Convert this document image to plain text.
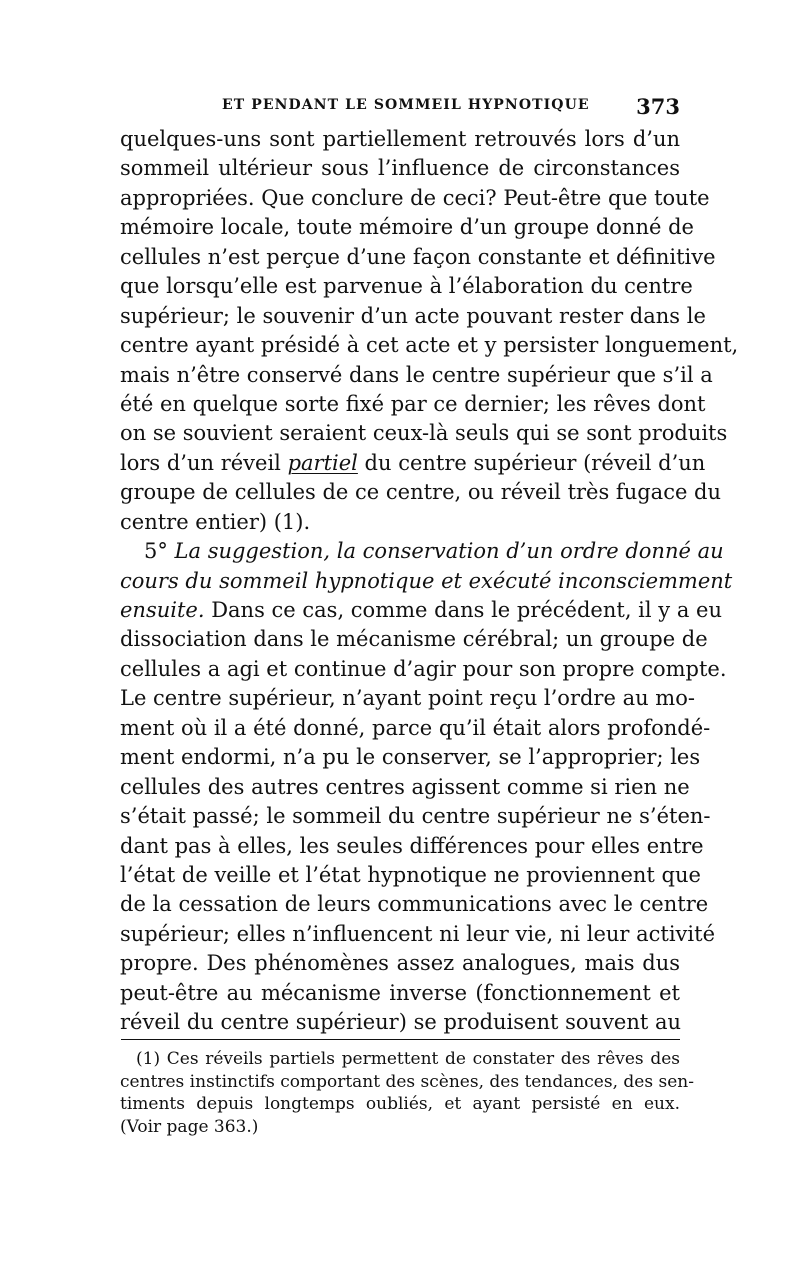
ET PENDANT LE SOMMEIL HYPNOTIQUE 373
quelques-uns sont partiellement retrouvés lors d’un
sommeil ultérieur sous l’influence de circonstances
appropriées. Que conclure de ceci? Peut-être que toute
mémoire locale, toute mémoire d’un groupe donné de
cellules n’est perçue d’une façon constante et définitive
que lorsqu’elle est parvenue à l’élaboration du centre
supérieur; le souvenir d’un acte pouvant rester dans le
centre ayant présidé à cet acte et y persister longuement,
mais n’être conservé dans le centre supérieur que s’il a
été en quelque sorte fixé par ce dernier; les rêves dont
on se souvient seraient ceux-là seuls qui se sont produits
lors d’un réveil partiel du centre supérieur (réveil d’un
groupe de cellules de ce centre, ou réveil très fugace du
centre entier) (1).
5° La suggestion, la conservation d’un ordre donné au
cours du sommeil hypnotique et exécuté inconsciemment
ensuite. Dans ce cas, comme dans le précédent, il y a eu
dissociation dans le mécanisme cérébral; un groupe de
cellules a agi et continue d’agir pour son propre compte.
Le centre supérieur, n’ayant point reçu l’ordre au mo-
ment où il a été donné, parce qu’il était alors profondé-
ment endormi, n’a pu le conserver, se l’approprier; les
cellules des autres centres agissent comme si rien ne
s’était passé; le sommeil du centre supérieur ne s’éten-
dant pas à elles, les seules différences pour elles entre
l’état de veille et l’état hypnotique ne proviennent que
de la cessation de leurs communications avec le centre
supérieur; elles n’influencent ni leur vie, ni leur activité
propre. Des phénomènes assez analogues, mais dus
peut-être au mécanisme inverse (fonctionnement et
réveil du centre supérieur) se produisent souvent au
(1) Ces réveils partiels permettent de constater des rêves des
centres instinctifs comportant des scènes, des tendances, des sen-
timents depuis longtemps oubliés, et ayant persisté en eux.
(Voir page 363.)
